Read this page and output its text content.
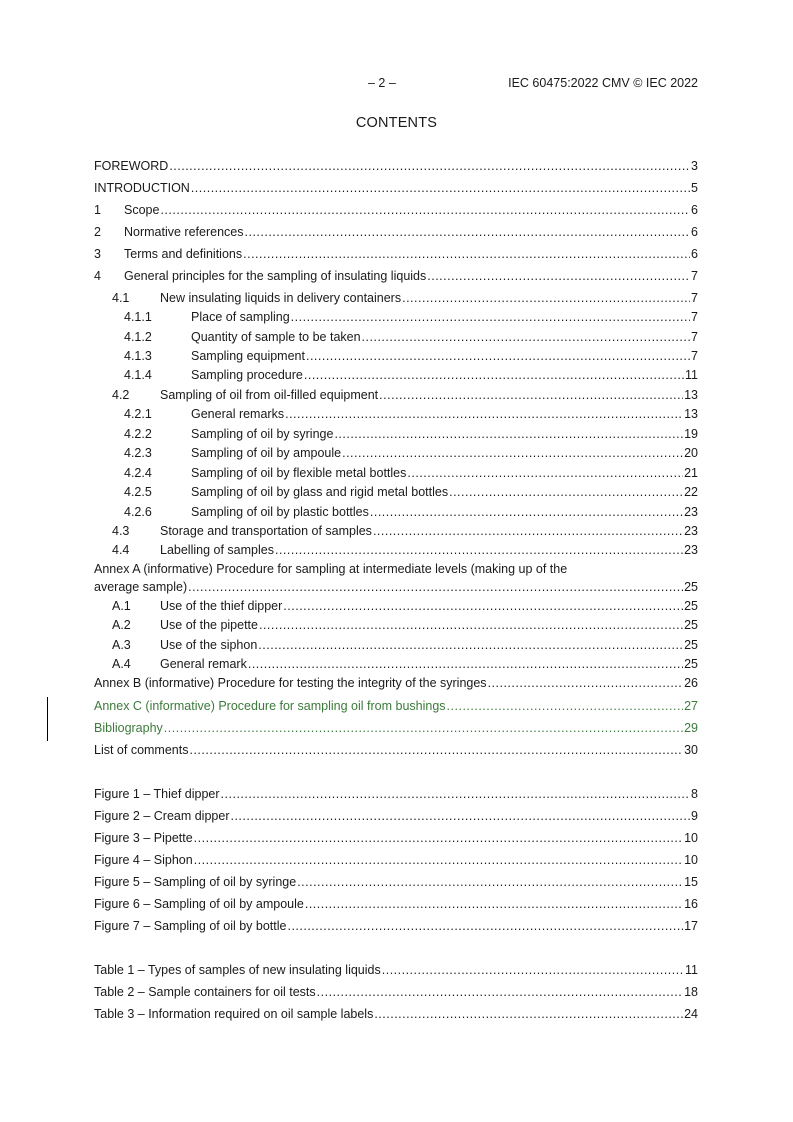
– 2 –	IEC 60475:2022 CMV © IEC 2022
CONTENTS
FOREWORD .....	3
INTRODUCTION .....	5
1 Scope .....	6
2 Normative references .....	6
3 Terms and definitions .....	6
4 General principles for the sampling of insulating liquids .....	7
4.1 New insulating liquids in delivery containers .....	7
4.1.1	Place of sampling .....	7
4.1.2	Quantity of sample to be taken .....	7
4.1.3	Sampling equipment .....	7
4.1.4	Sampling procedure .....	11
4.2 Sampling of oil from oil-filled equipment .....	13
4.2.1	General remarks .....	13
4.2.2	Sampling of oil by syringe .....	19
4.2.3	Sampling of oil by ampoule .....	20
4.2.4	Sampling of oil by flexible metal bottles .....	21
4.2.5	Sampling of oil by glass and rigid metal bottles .....	22
4.2.6	Sampling of oil by plastic bottles .....	23
4.3 Storage and transportation of samples .....	23
4.4 Labelling of samples .....	23
Annex A (informative) Procedure for sampling at intermediate levels (making up of the
average sample) .....	25
A.1 Use of the thief dipper .....	25
A.2 Use of the pipette .....	25
A.3 Use of the siphon .....	25
A.4 General remark .....	25
Annex B (informative) Procedure for testing the integrity of the syringes .....	26
Annex C (informative) Procedure for sampling oil from bushings .....	27
Bibliography .....	29
List of comments .....	30
Figure 1 – Thief dipper .....	8
Figure 2 – Cream dipper .....	9
Figure 3 – Pipette .....	10
Figure 4 – Siphon .....	10
Figure 5 – Sampling of oil by syringe .....	15
Figure 6 – Sampling of oil by ampoule .....	16
Figure 7 – Sampling of oil by bottle .....	17
Table 1 – Types of samples of new insulating liquids .....	11
Table 2 – Sample containers for oil tests .....	18
Table 3 – Information required on oil sample labels .....	24
